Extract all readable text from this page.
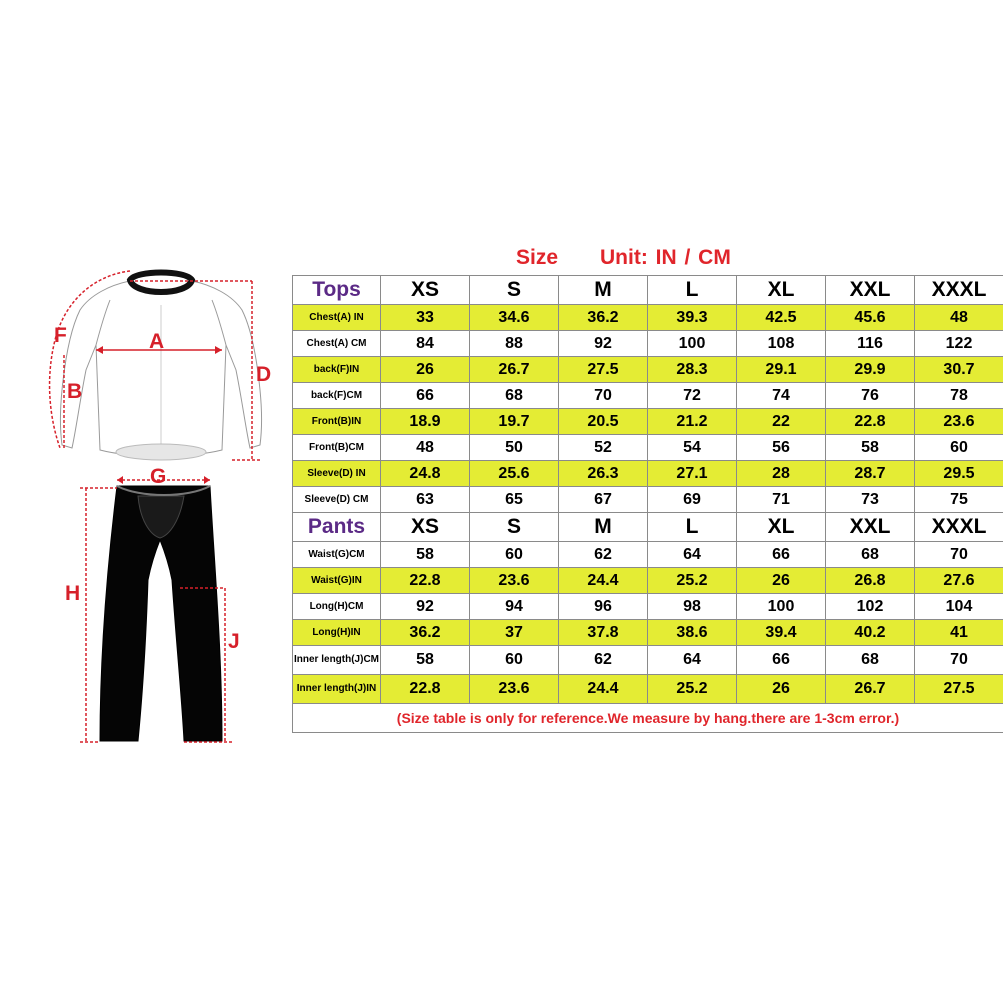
F	A
B
D
G
H
J
Size Unit: IN / CM
Tops	XS	S	M	L	XL	XXL	XXXL
Chest(A) IN	33	34.6	36.2	39.3	42.5	45.6	48
Chest(A) CM	84	88	92	100	108	116	122
back(F)IN	26	26.7	27.5	28.3	29.1	29.9	30.7
back(F)CM	66	68	70	72	74	76	78
Front(B)IN	18.9	19.7	20.5	21.2	22	22.8	23.6
Front(B)CM	48	50	52	54	56	58	60
Sleeve(D) IN	24.8	25.6	26.3	27.1	28	28.7	29.5
Sleeve(D) CM	63	65	67	69	71	73	75
Pants	XS	S	M	L	XL	XXL	XXXL
Waist(G)CM	58	60	62	64	66	68	70
Waist(G)IN	22.8	23.6	24.4	25.2	26	26.8	27.6
Long(H)CM	92	94	96	98	100	102	104
Long(H)IN	36.2	37	37.8	38.6	39.4	40.2	41
Inner length(J)CM	58	60	62	64	66	68	70
Inner length(J)IN	22.8	23.6	24.4	25.2	26	26.7	27.5
(Size table is only for reference.We measure by hang.there are 1-3cm error.)							
